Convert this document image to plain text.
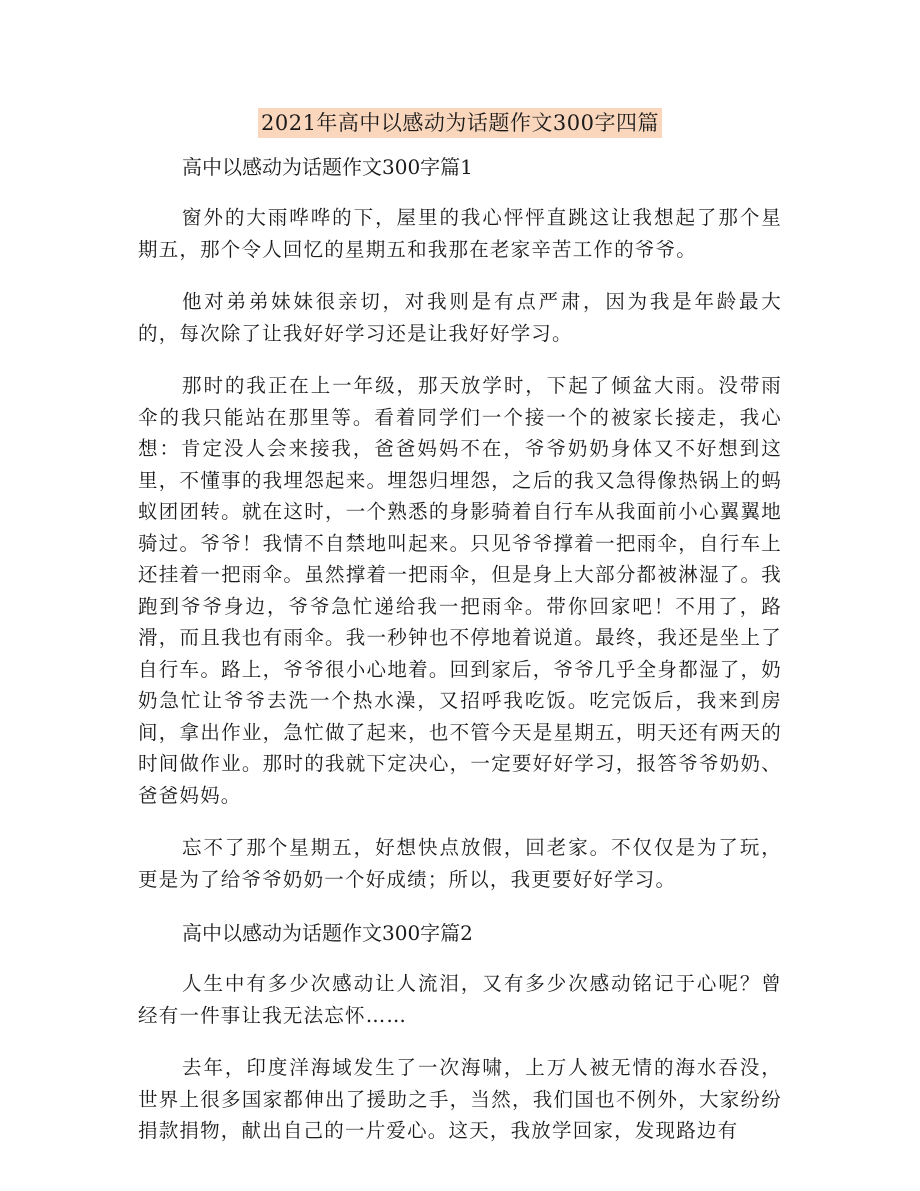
2021年高中以感动为话题作文300字四篇
高中以感动为话题作文300字篇1

窗外的大雨哗哗的下，屋里的我心怦怦直跳这让我想起了那个星期五，那个令人回忆的星期五和我那在老家辛苦工作的爷爷。

他对弟弟妹妹很亲切，对我则是有点严肃，因为我是年龄最大的，每次除了让我好好学习还是让我好好学习。

那时的我正在上一年级，那天放学时，下起了倾盆大雨。没带雨伞的我只能站在那里等。看着同学们一个接一个的被家长接走，我心想：肯定没人会来接我，爸爸妈妈不在，爷爷奶奶身体又不好想到这里，不懂事的我埋怨起来。埋怨归埋怨，之后的我又急得像热锅上的蚂蚁团团转。就在这时，一个熟悉的身影骑着自行车从我面前小心翼翼地骑过。爷爷！我情不自禁地叫起来。只见爷爷撑着一把雨伞，自行车上还挂着一把雨伞。虽然撑着一把雨伞，但是身上大部分都被淋湿了。我跑到爷爷身边，爷爷急忙递给我一把雨伞。带你回家吧！不用了，路滑，而且我也有雨伞。我一秒钟也不停地着说道。最终，我还是坐上了自行车。路上，爷爷很小心地着。回到家后，爷爷几乎全身都湿了，奶奶急忙让爷爷去洗一个热水澡，又招呼我吃饭。吃完饭后，我来到房间，拿出作业，急忙做了起来，也不管今天是星期五，明天还有两天的时间做作业。那时的我就下定决心，一定要好好学习，报答爷爷奶奶、爸爸妈妈。

忘不了那个星期五，好想快点放假，回老家。不仅仅是为了玩，更是为了给爷爷奶奶一个好成绩；所以，我更要好好学习。

高中以感动为话题作文300字篇2

人生中有多少次感动让人流泪，又有多少次感动铭记于心呢？曾经有一件事让我无法忘怀……

去年，印度洋海域发生了一次海啸，上万人被无情的海水吞没，世界上很多国家都伸出了援助之手，当然，我们国也不例外，大家纷纷捐款捐物，献出自己的一片爱心。这天，我放学回家，发现路边有
